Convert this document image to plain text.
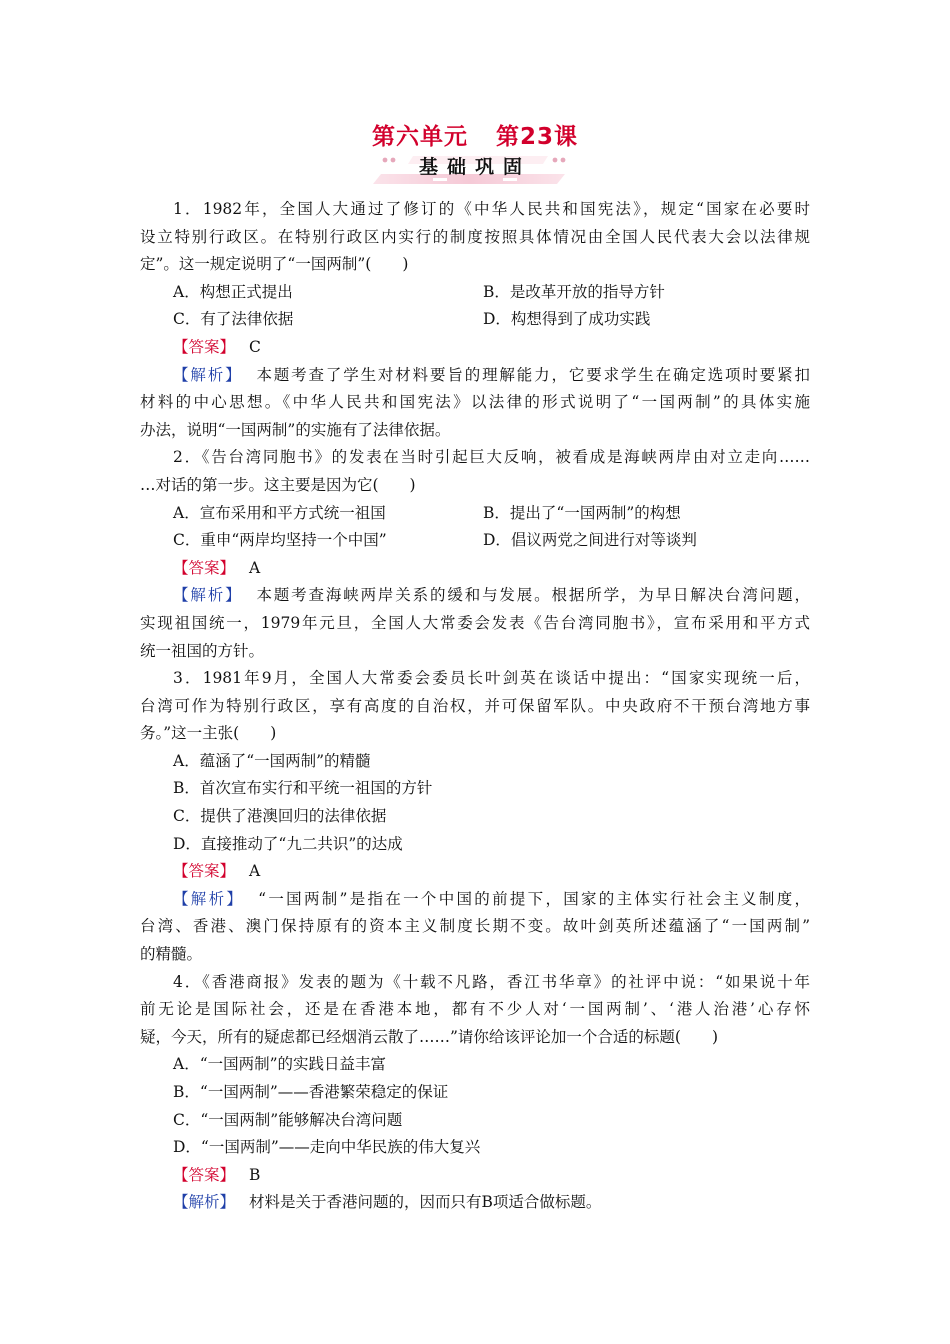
第六单元 第23课
基础巩固
1．1982年，全国人大通过了修订的《中华人民共和国宪法》，规定“国家在必要时
设立特别行政区。在特别行政区内实行的制度按照具体情况由全国人民代表大会以法律规
定”。这一规定说明了“一国两制”(　　)
A．构想正式提出	B．是改革开放的指导方针
C．有了法律依据	D．构想得到了成功实践
【答案】 C
【解析】 本题考查了学生对材料要旨的理解能力，它要求学生在确定选项时要紧扣
材料的中心思想。《中华人民共和国宪法》以法律的形式说明了“一国两制”的具体实施
办法，说明“一国两制”的实施有了法律依据。
2．《告台湾同胞书》的发表在当时引起巨大反响，被看成是海峡两岸由对立走向……
…对话的第一步。这主要是因为它(　　)
A．宣布采用和平方式统一祖国	B．提出了“一国两制”的构想
C．重申“两岸均坚持一个中国”	D．倡议两党之间进行对等谈判
【答案】 A
【解析】 本题考查海峡两岸关系的缓和与发展。根据所学，为早日解决台湾问题，
实现祖国统一，1979年元旦，全国人大常委会发表《告台湾同胞书》，宣布采用和平方式
统一祖国的方针。
3．1981年9月，全国人大常委会委员长叶剑英在谈话中提出：“国家实现统一后，
台湾可作为特别行政区，享有高度的自治权，并可保留军队。中央政府不干预台湾地方事
务。”这一主张(　　)
A．蕴涵了“一国两制”的精髓
B．首次宣布实行和平统一祖国的方针
C．提供了港澳回归的法律依据
D．直接推动了“九二共识”的达成
【答案】 A
【解析】 “一国两制”是指在一个中国的前提下，国家的主体实行社会主义制度，
台湾、香港、澳门保持原有的资本主义制度长期不变。故叶剑英所述蕴涵了“一国两制”
的精髓。
4．《香港商报》发表的题为《十载不凡路，香江书华章》的社评中说：“如果说十年
前无论是国际社会，还是在香港本地，都有不少人对‘一国两制’、‘港人治港’心存怀
疑，今天，所有的疑虑都已经烟消云散了……”请你给该评论加一个合适的标题(　　)
A．“一国两制”的实践日益丰富
B．“一国两制”——香港繁荣稳定的保证
C．“一国两制”能够解决台湾问题
D．“一国两制”——走向中华民族的伟大复兴
【答案】 B
【解析】 材料是关于香港问题的，因而只有B项适合做标题。
